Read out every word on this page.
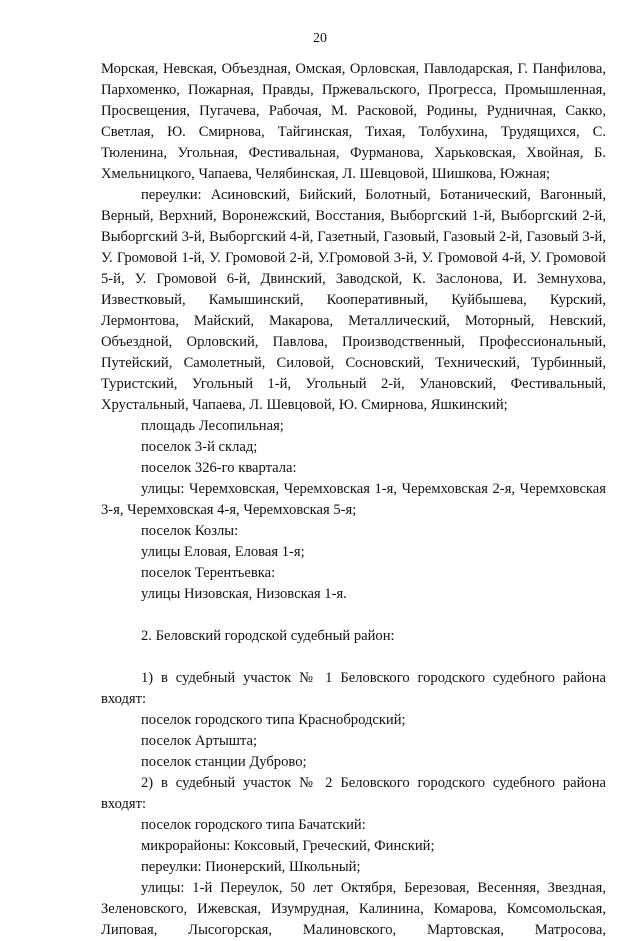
20

Морская, Невская, Объездная, Омская, Орловская, Павлодарская, Г. Панфилова, Пархоменко, Пожарная, Правды, Пржевальского, Прогресса, Промышленная, Просвещения, Пугачева, Рабочая, М. Расковой, Родины, Рудничная, Сакко, Светлая, Ю. Смирнова, Тайгинская, Тихая, Толбухина, Трудящихся, С. Тюленина, Угольная, Фестивальная, Фурманова, Харьковская, Хвойная, Б. Хмельницкого, Чапаева, Челябинская, Л. Шевцовой, Шишкова, Южная;

переулки: Асиновский, Бийский, Болотный, Ботанический, Вагонный, Верный, Верхний, Воронежский, Восстания, Выборгский 1-й, Выборгский 2-й, Выборгский 3-й, Выборгский 4-й, Газетный, Газовый, Газовый 2-й, Газовый 3-й, У. Громовой 1-й, У. Громовой 2-й, У.Громовой 3-й, У. Громовой 4-й, У. Громовой 5-й, У. Громовой 6-й, Двинский, Заводской, К. Заслонова, И. Земнухова, Известковый, Камышинский, Кооперативный, Куйбышева, Курский, Лермонтова, Майский, Макарова, Металлический, Моторный, Невский, Объездной, Орловский, Павлова, Производственный, Профессиональный, Путейский, Самолетный, Силовой, Сосновский, Технический, Турбинный, Туристский, Угольный 1-й, Угольный 2-й, Улановский, Фестивальный, Хрустальный, Чапаева, Л. Шевцовой, Ю. Смирнова, Яшкинский;

площадь Лесопильная;

поселок 3-й склад;

поселок 326-го квартала:

улицы: Черемховская, Черемховская 1-я, Черемховская 2-я, Черемховская 3-я, Черемховская 4-я, Черемховская 5-я;

поселок Козлы:

улицы Еловая, Еловая 1-я;

поселок Терентьевка:

улицы Низовская, Низовская 1-я.

2. Беловский городской судебный район:

1) в судебный участок № 1 Беловского городского судебного района входят:

поселок городского типа Краснобродский;

поселок Артышта;

поселок станции Дуброво;

2) в судебный участок № 2 Беловского городского судебного района входят:

поселок городского типа Бачатский:

микрорайоны: Коксовый, Греческий, Финский;

переулки: Пионерский, Школьный;

улицы: 1-й Переулок, 50 лет Октября, Березовая, Весенняя, Звездная, Зеленовского, Ижевская, Изумрудная, Калинина, Комарова, Комсомольская, Липовая, Лысогорская, Малиновского, Мартовская, Матросова,
